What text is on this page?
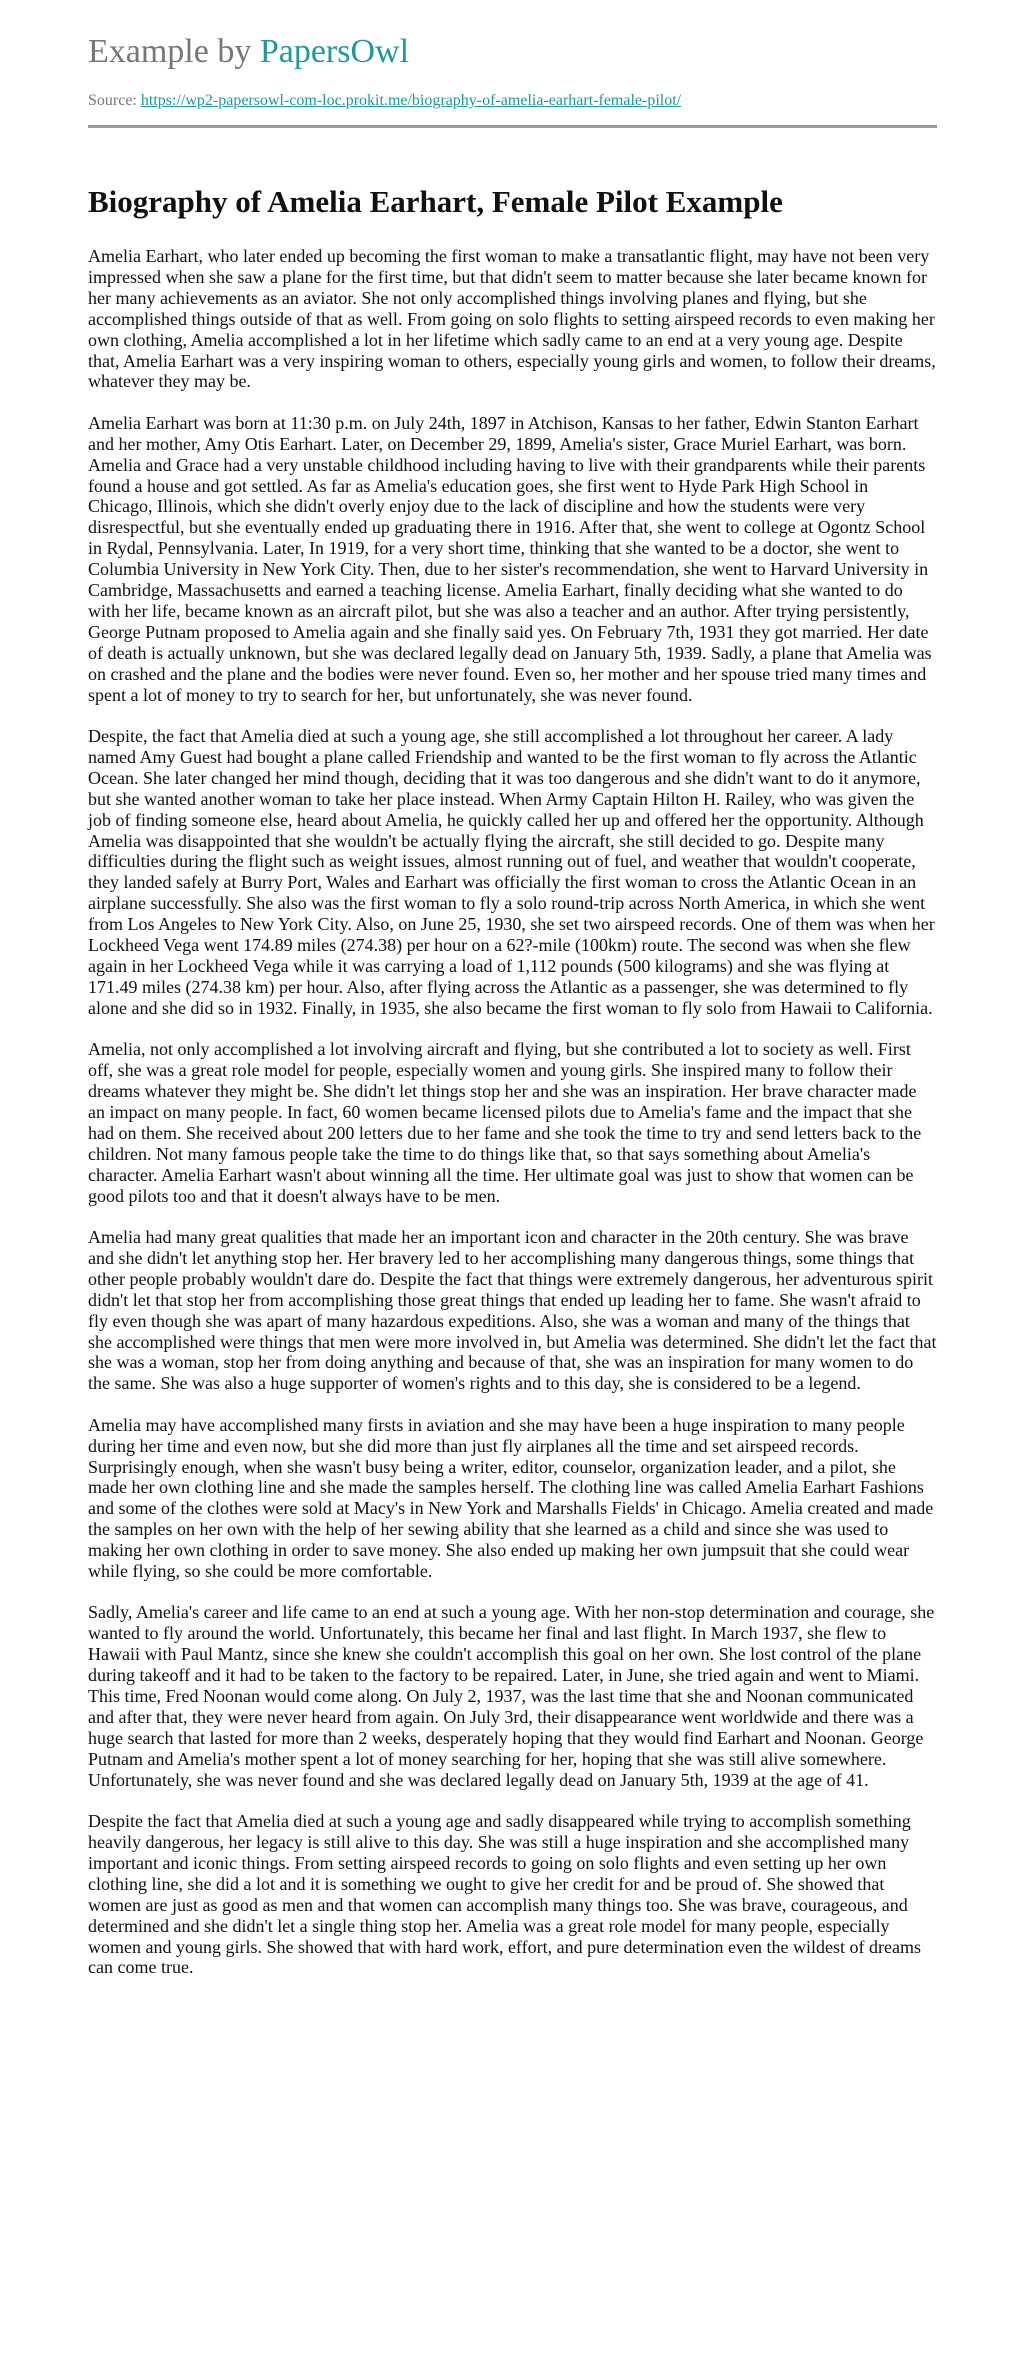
Example by PapersOwl
Source: https://wp2-papersowl-com-loc.prokit.me/biography-of-amelia-earhart-female-pilot/
Biography of Amelia Earhart, Female Pilot Example

Amelia Earhart, who later ended up becoming the first woman to make a transatlantic flight, may have not been very impressed when she saw a plane for the first time, but that didn't seem to matter because she later became known for her many achievements as an aviator. She not only accomplished things involving planes and flying, but she accomplished things outside of that as well. From going on solo flights to setting airspeed records to even making her own clothing, Amelia accomplished a lot in her lifetime which sadly came to an end at a very young age. Despite that, Amelia Earhart was a very inspiring woman to others, especially young girls and women, to follow their dreams, whatever they may be.

Amelia Earhart was born at 11:30 p.m. on July 24th, 1897 in Atchison, Kansas to her father, Edwin Stanton Earhart and her mother, Amy Otis Earhart. Later, on December 29, 1899, Amelia's sister, Grace Muriel Earhart, was born. Amelia and Grace had a very unstable childhood including having to live with their grandparents while their parents found a house and got settled. As far as Amelia's education goes, she first went to Hyde Park High School in Chicago, Illinois, which she didn't overly enjoy due to the lack of discipline and how the students were very disrespectful, but she eventually ended up graduating there in 1916. After that, she went to college at Ogontz School in Rydal, Pennsylvania. Later, In 1919, for a very short time, thinking that she wanted to be a doctor, she went to Columbia University in New York City. Then, due to her sister's recommendation, she went to Harvard University in Cambridge, Massachusetts and earned a teaching license. Amelia Earhart, finally deciding what she wanted to do with her life, became known as an aircraft pilot, but she was also a teacher and an author. After trying persistently, George Putnam proposed to Amelia again and she finally said yes. On February 7th, 1931 they got married. Her date of death is actually unknown, but she was declared legally dead on January 5th, 1939. Sadly, a plane that Amelia was on crashed and the plane and the bodies were never found. Even so, her mother and her spouse tried many times and spent a lot of money to try to search for her, but unfortunately, she was never found.

Despite, the fact that Amelia died at such a young age, she still accomplished a lot throughout her career. A lady named Amy Guest had bought a plane called Friendship and wanted to be the first woman to fly across the Atlantic Ocean. She later changed her mind though, deciding that it was too dangerous and she didn't want to do it anymore, but she wanted another woman to take her place instead. When Army Captain Hilton H. Railey, who was given the job of finding someone else, heard about Amelia, he quickly called her up and offered her the opportunity. Although Amelia was disappointed that she wouldn't be actually flying the aircraft, she still decided to go. Despite many difficulties during the flight such as weight issues, almost running out of fuel, and weather that wouldn't cooperate, they landed safely at Burry Port, Wales and Earhart was officially the first woman to cross the Atlantic Ocean in an airplane successfully. She also was the first woman to fly a solo round-trip across North America, in which she went from Los Angeles to New York City. Also, on June 25, 1930, she set two airspeed records. One of them was when her Lockheed Vega went 174.89 miles (274.38) per hour on a 62?-mile (100km) route. The second was when she flew again in her Lockheed Vega while it was carrying a load of 1,112 pounds (500 kilograms) and she was flying at 171.49 miles (274.38 km) per hour. Also, after flying across the Atlantic as a passenger, she was determined to fly alone and she did so in 1932. Finally, in 1935, she also became the first woman to fly solo from Hawaii to California.

Amelia, not only accomplished a lot involving aircraft and flying, but she contributed a lot to society as well. First off, she was a great role model for people, especially women and young girls. She inspired many to follow their dreams whatever they might be. She didn't let things stop her and she was an inspiration. Her brave character made an impact on many people. In fact, 60 women became licensed pilots due to Amelia's fame and the impact that she had on them. She received about 200 letters due to her fame and she took the time to try and send letters back to the children. Not many famous people take the time to do things like that, so that says something about Amelia's character. Amelia Earhart wasn't about winning all the time. Her ultimate goal was just to show that women can be good pilots too and that it doesn't always have to be men.

Amelia had many great qualities that made her an important icon and character in the 20th century. She was brave and she didn't let anything stop her. Her bravery led to her accomplishing many dangerous things, some things that other people probably wouldn't dare do. Despite the fact that things were extremely dangerous, her adventurous spirit didn't let that stop her from accomplishing those great things that ended up leading her to fame. She wasn't afraid to fly even though she was apart of many hazardous expeditions. Also, she was a woman and many of the things that she accomplished were things that men were more involved in, but Amelia was determined. She didn't let the fact that she was a woman, stop her from doing anything and because of that, she was an inspiration for many women to do the same. She was also a huge supporter of women's rights and to this day, she is considered to be a legend.

Amelia may have accomplished many firsts in aviation and she may have been a huge inspiration to many people during her time and even now, but she did more than just fly airplanes all the time and set airspeed records. Surprisingly enough, when she wasn't busy being a writer, editor, counselor, organization leader, and a pilot, she made her own clothing line and she made the samples herself. The clothing line was called Amelia Earhart Fashions and some of the clothes were sold at Macy's in New York and Marshalls Fields' in Chicago. Amelia created and made the samples on her own with the help of her sewing ability that she learned as a child and since she was used to making her own clothing in order to save money. She also ended up making her own jumpsuit that she could wear while flying, so she could be more comfortable.

Sadly, Amelia's career and life came to an end at such a young age. With her non-stop determination and courage, she wanted to fly around the world. Unfortunately, this became her final and last flight. In March 1937, she flew to Hawaii with Paul Mantz, since she knew she couldn't accomplish this goal on her own. She lost control of the plane during takeoff and it had to be taken to the factory to be repaired. Later, in June, she tried again and went to Miami. This time, Fred Noonan would come along. On July 2, 1937, was the last time that she and Noonan communicated and after that, they were never heard from again. On July 3rd, their disappearance went worldwide and there was a huge search that lasted for more than 2 weeks, desperately hoping that they would find Earhart and Noonan. George Putnam and Amelia's mother spent a lot of money searching for her, hoping that she was still alive somewhere. Unfortunately, she was never found and she was declared legally dead on January 5th, 1939 at the age of 41.

Despite the fact that Amelia died at such a young age and sadly disappeared while trying to accomplish something heavily dangerous, her legacy is still alive to this day. She was still a huge inspiration and she accomplished many important and iconic things. From setting airspeed records to going on solo flights and even setting up her own clothing line, she did a lot and it is something we ought to give her credit for and be proud of. She showed that women are just as good as men and that women can accomplish many things too. She was brave, courageous, and determined and she didn't let a single thing stop her. Amelia was a great role model for many people, especially women and young girls. She showed that with hard work, effort, and pure determination even the wildest of dreams can come true.
